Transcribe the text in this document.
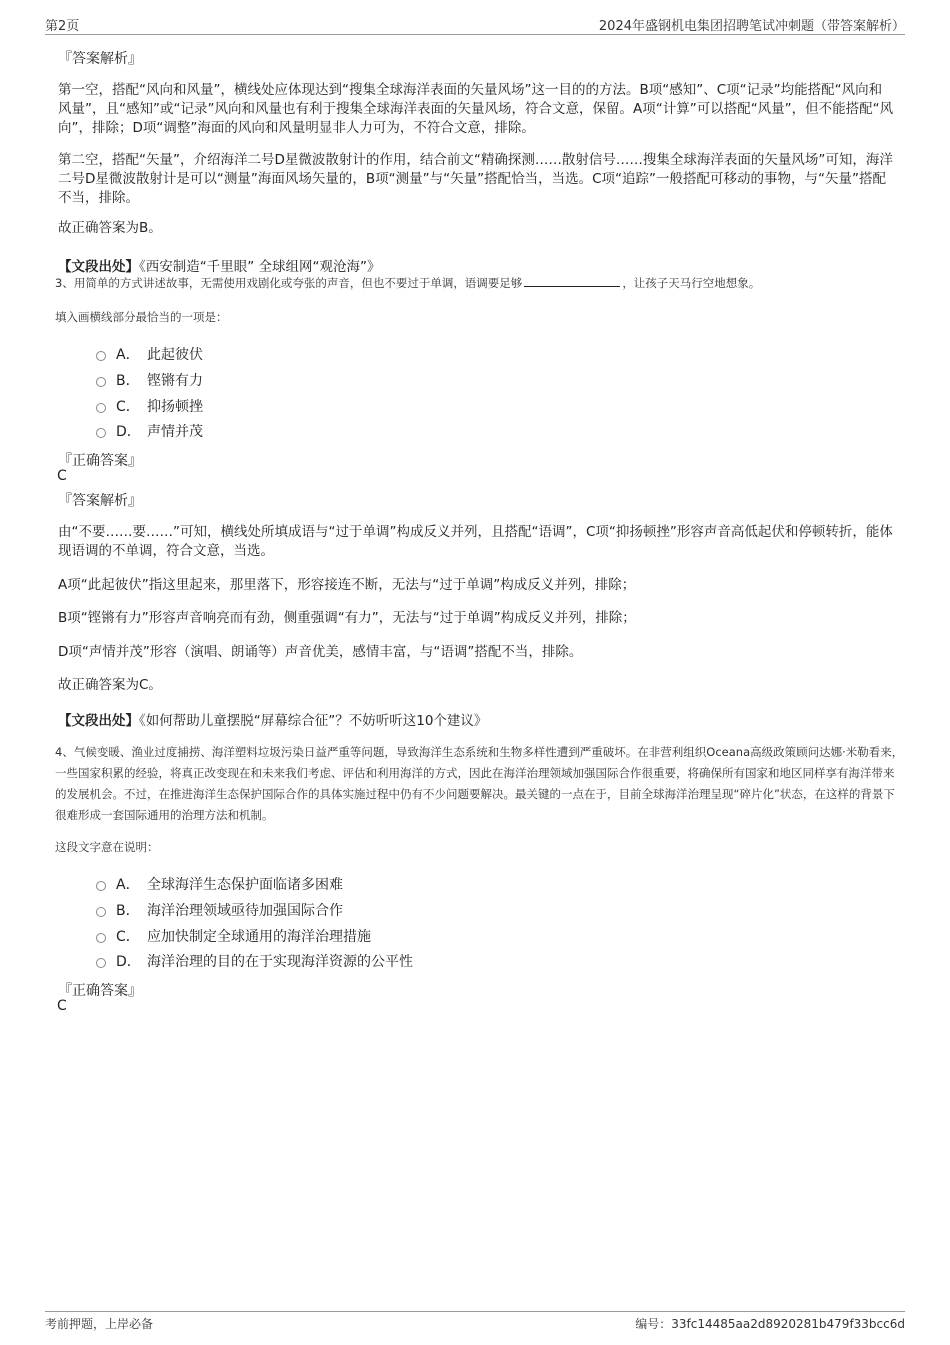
第2页	2024年盛钢机电集团招聘笔试冲刺题（带答案解析）
『答案解析』
第一空，搭配“风向和风量”，横线处应体现达到“搜集全球海洋表面的矢量风场”这一目的的方法。B项“感知”、C项“记录”均能搭配“风向和风量”，且“感知”或“记录”风向和风量也有利于搜集全球海洋表面的矢量风场，符合文意，保留。A项“计算”可以搭配“风量”，但不能搭配“风向”，排除；D项“调整”海面的风向和风量明显非人力可为，不符合文意，排除。
第二空，搭配“矢量”，介绍海洋二号D星微波散射计的作用，结合前文“精确探测……散射信号……搜集全球海洋表面的矢量风场”可知，海洋二号D星微波散射计是可以“测量”海面风场矢量的，B项“测量”与“矢量”搭配恰当，当选。C项“追踪”一般搭配可移动的事物，与“矢量”搭配不当，排除。
故正确答案为B。
【文段出处】《西安制造“千里眼” 全球组网“观沧海”》
3、用简单的方式讲述故事，无需使用戏剧化或夸张的声音，但也不要过于单调，语调要足够	，让孩子天马行空地想象。
填入画横线部分最恰当的一项是：
A． 此起彼伏
B． 铿锵有力
C． 抑扬顿挫
D． 声情并茂
『正确答案』
C
『答案解析』
由“不要……要……”可知，横线处所填成语与“过于单调”构成反义并列，且搭配“语调”，C项“抑扬顿挫”形容声音高低起伏和停顿转折，能体现语调的不单调，符合文意，当选。
A项“此起彼伏”指这里起来，那里落下，形容接连不断，无法与“过于单调”构成反义并列，排除；
B项“铿锵有力”形容声音响亮而有劲，侧重强调“有力”，无法与“过于单调”构成反义并列，排除；
D项“声情并茂”形容（演唱、朗诵等）声音优美，感情丰富，与“语调”搭配不当，排除。
故正确答案为C。
【文段出处】《如何帮助儿童摆脱“屏幕综合征”？不妨听听这10个建议》
4、气候变暖、渔业过度捕捞、海洋塑料垃圾污染日益严重等问题，导致海洋生态系统和生物多样性遭到严重破坏。在非营利组织Oceana高级政策顾问达娜·米勒看来，一些国家积累的经验，将真正改变现在和未来我们考虑、评估和利用海洋的方式，因此在海洋治理领域加强国际合作很重要，将确保所有国家和地区同样享有海洋带来的发展机会。不过，在推进海洋生态保护国际合作的具体实施过程中仍有不少问题要解决。最关键的一点在于，目前全球海洋治理呈现“碎片化”状态，在这样的背景下很难形成一套国际通用的治理方法和机制。
这段文字意在说明：
A． 全球海洋生态保护面临诸多困难
B． 海洋治理领域亟待加强国际合作
C． 应加快制定全球通用的海洋治理措施
D． 海洋治理的目的在于实现海洋资源的公平性
『正确答案』
C
考前押题，上岸必备	编号：33fc14485aa2d8920281b479f33bcc6d
